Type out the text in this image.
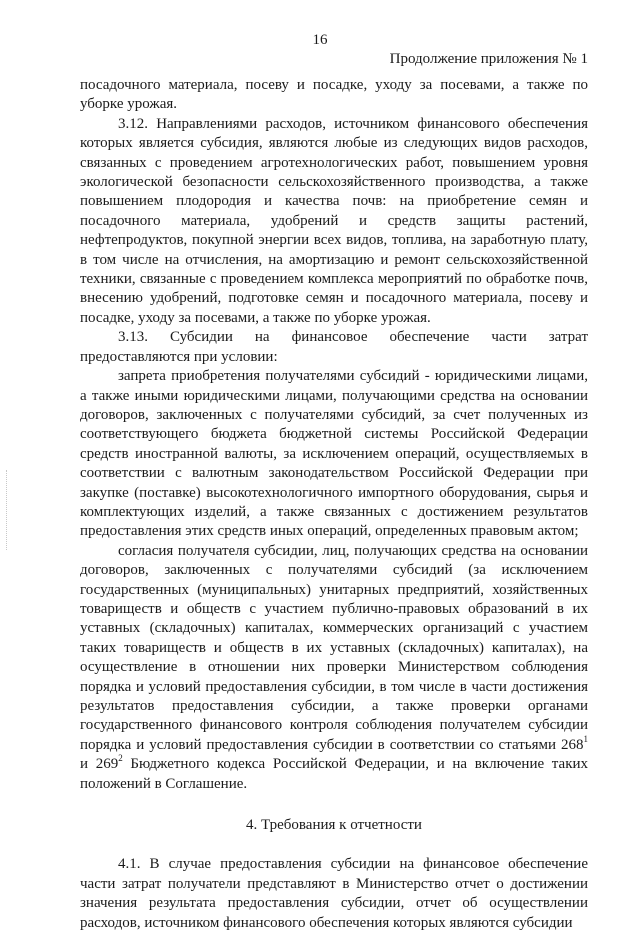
16
Продолжение приложения № 1

посадочного материала, посеву и посадке, уходу за посевами, а также по уборке урожая.

3.12. Направлениями расходов, источником финансового обеспечения которых является субсидия, являются любые из следующих видов расходов, связанных с проведением агротехнологических работ, повышением уровня экологической безопасности сельскохозяйственного производства, а также повышением плодородия и качества почв: на приобретение семян и посадочного материала, удобрений и средств защиты растений, нефтепродуктов, покупной энергии всех видов, топлива, на заработную плату, в том числе на отчисления, на амортизацию и ремонт сельскохозяйственной техники, связанные с проведением комплекса мероприятий по обработке почв, внесению удобрений, подготовке семян и посадочного материала, посеву и посадке, уходу за посевами, а также по уборке урожая.

3.13. Субсидии на финансовое обеспечение части затрат предоставляются при условии:

запрета приобретения получателями субсидий - юридическими лицами, а также иными юридическими лицами, получающими средства на основании договоров, заключенных с получателями субсидий, за счет полученных из соответствующего бюджета бюджетной системы Российской Федерации средств иностранной валюты, за исключением операций, осуществляемых в соответствии с валютным законодательством Российской Федерации при закупке (поставке) высокотехнологичного импортного оборудования, сырья и комплектующих изделий, а также связанных с достижением результатов предоставления этих средств иных операций, определенных правовым актом;

согласия получателя субсидии, лиц, получающих средства на основании договоров, заключенных с получателями субсидий (за исключением государственных (муниципальных) унитарных предприятий, хозяйственных товариществ и обществ с участием публично-правовых образований в их уставных (складочных) капиталах, коммерческих организаций с участием таких товариществ и обществ в их уставных (складочных) капиталах), на осуществление в отношении них проверки Министерством соблюдения порядка и условий предоставления субсидии, в том числе в части достижения результатов предоставления субсидии, а также проверки органами государственного финансового контроля соблюдения получателем субсидии порядка и условий предоставления субсидии в соответствии со статьями $268^1$ и $269^2$ Бюджетного кодекса Российской Федерации, и на включение таких положений в Соглашение.

4. Требования к отчетности

4.1. В случае предоставления субсидии на финансовое обеспечение части затрат получатели представляют в Министерство отчет о достижении значения результата предоставления субсидии, отчет об осуществлении расходов, источником финансового обеспечения которых являются субсидии
